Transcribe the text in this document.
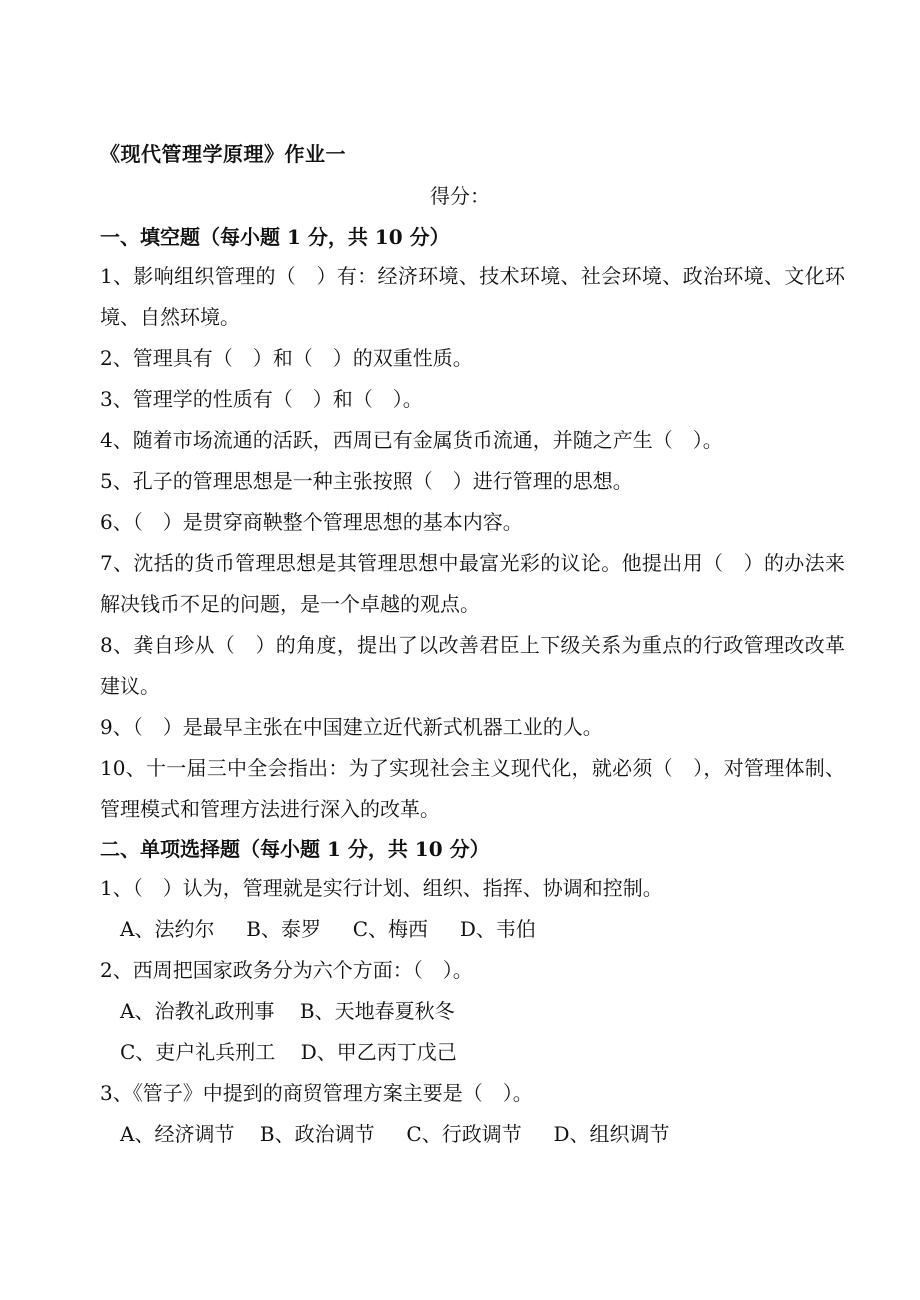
《现代管理学原理》作业一
得分：

一、填空题（每小题 1 分，共 10 分）

1、影响组织管理的（　）有：经济环境、技术环境、社会环境、政治环境、文化环境、自然环境。

2、管理具有（　）和（　）的双重性质。

3、管理学的性质有（　）和（　）。

4、随着市场流通的活跃，西周已有金属货币流通，并随之产生（　）。

5、孔子的管理思想是一种主张按照（　）进行管理的思想。

6、（　）是贯穿商鞅整个管理思想的基本内容。

7、沈括的货币管理思想是其管理思想中最富光彩的议论。他提出用（　）的办法来解决钱币不足的问题，是一个卓越的观点。

8、龚自珍从（　）的角度，提出了以改善君臣上下级关系为重点的行政管理改改革建议。

9、（　）是最早主张在中国建立近代新式机器工业的人。

10、十一届三中全会指出：为了实现社会主义现代化，就必须（　），对管理体制、管理模式和管理方法进行深入的改革。

二、单项选择题（每小题 1 分，共 10 分）

1、（　）认为，管理就是实行计划、组织、指挥、协调和控制。

A、法约尔 B、泰罗 C、梅西 D、韦伯

2、西周把国家政务分为六个方面：（　）。

A、治教礼政刑事 B、天地春夏秋冬
C、吏户礼兵刑工 D、甲乙丙丁戊己

3、《管子》中提到的商贸管理方案主要是（　）。

A、经济调节 B、政治调节 C、行政调节 D、组织调节
